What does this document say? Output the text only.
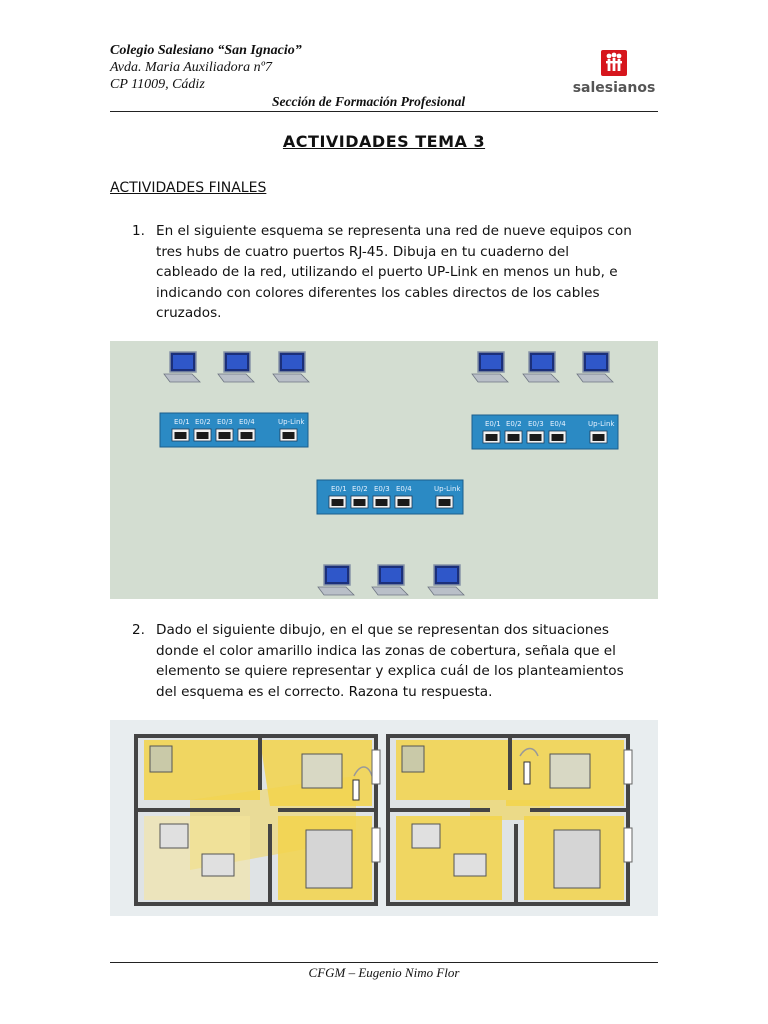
Colegio Salesiano “San Ignacio”
Avda. Maria Auxiliadora nº7
CP 11009, Cádiz
Sección de Formación Profesional
salesianos
ACTIVIDADES TEMA 3
ACTIVIDADES FINALES
1. En el siguiente esquema se representa una red de nueve equipos con
tres hubs de cuatro puertos RJ-45. Dibuja en tu cuaderno del
cableado de la red, utilizando el puerto UP-Link en menos un hub, e
indicando con colores diferentes los cables directos de los cables
cruzados.
E0/1 E0/2 E0/3 E0/4	Up-Link	E0/1 E0/2 E0/3 E0/4	Up-Link
E0/1 E0/2 E0/3 E0/4	Up-Link
2. Dado el siguiente dibujo, en el que se representan dos situaciones
donde el color amarillo indica las zonas de cobertura, señala que el
elemento se quiere representar y explica cuál de los planteamientos
del esquema es el correcto. Razona tu respuesta.
CFGM – Eugenio Nimo Flor
